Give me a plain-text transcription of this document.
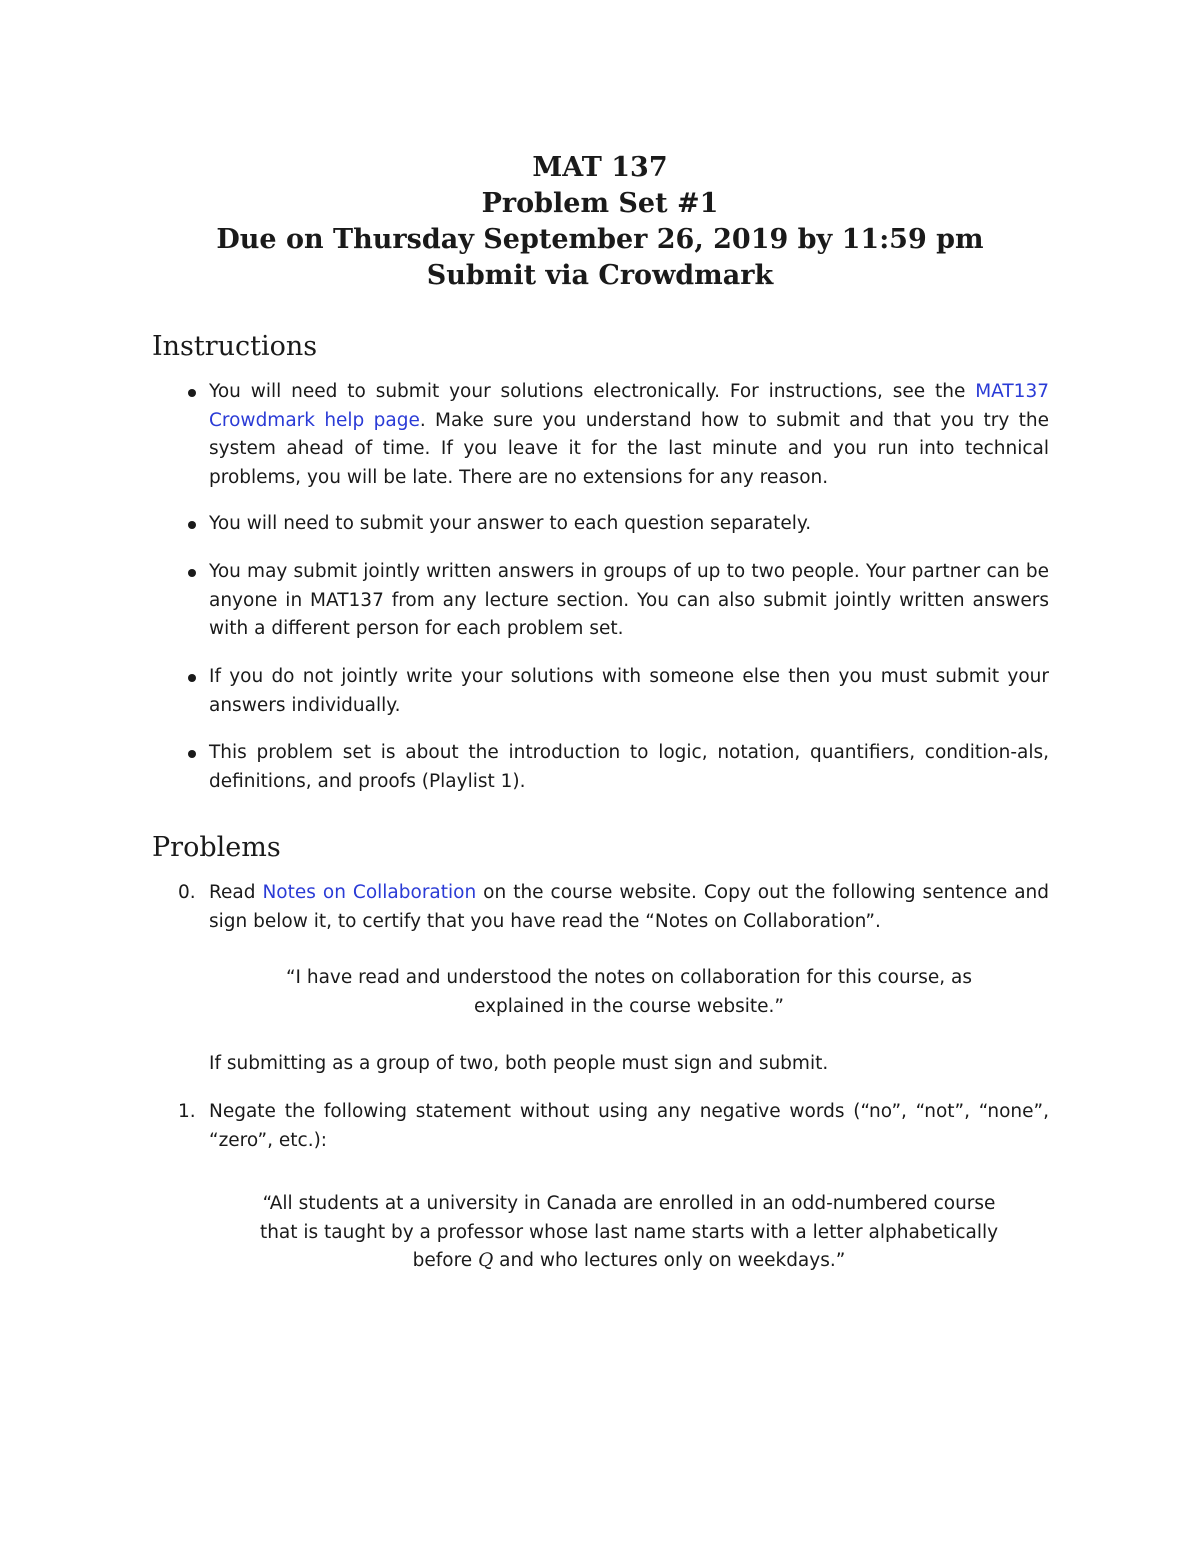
MAT 137
Problem Set #1
Due on Thursday September 26, 2019 by 11:59 pm
Submit via Crowdmark
Instructions

You will need to submit your solutions electronically. For instructions, see the MAT137 Crowdmark help page. Make sure you understand how to submit and that you try the system ahead of time. If you leave it for the last minute and you run into technical problems, you will be late. There are no extensions for any reason.

You will need to submit your answer to each question separately.

You may submit jointly written answers in groups of up to two people. Your partner can be anyone in MAT137 from any lecture section. You can also submit jointly written answers with a different person for each problem set.

If you do not jointly write your solutions with someone else then you must submit your answers individually.

This problem set is about the introduction to logic, notation, quantifiers, condition-als, definitions, and proofs (Playlist 1).

Problems
0. Read Notes on Collaboration on the course website. Copy out the following sentence and sign below it, to certify that you have read the “Notes on Collaboration”.

“I have read and understood the notes on collaboration for this course, as
explained in the course website.”

If submitting as a group of two, both people must sign and submit.

1. Negate the following statement without using any negative words (“no”, “not”, “none”, “zero”, etc.):

“All students at a university in Canada are enrolled in an odd-numbered course
that is taught by a professor whose last name starts with a letter alphabetically
before Q and who lectures only on weekdays.”
